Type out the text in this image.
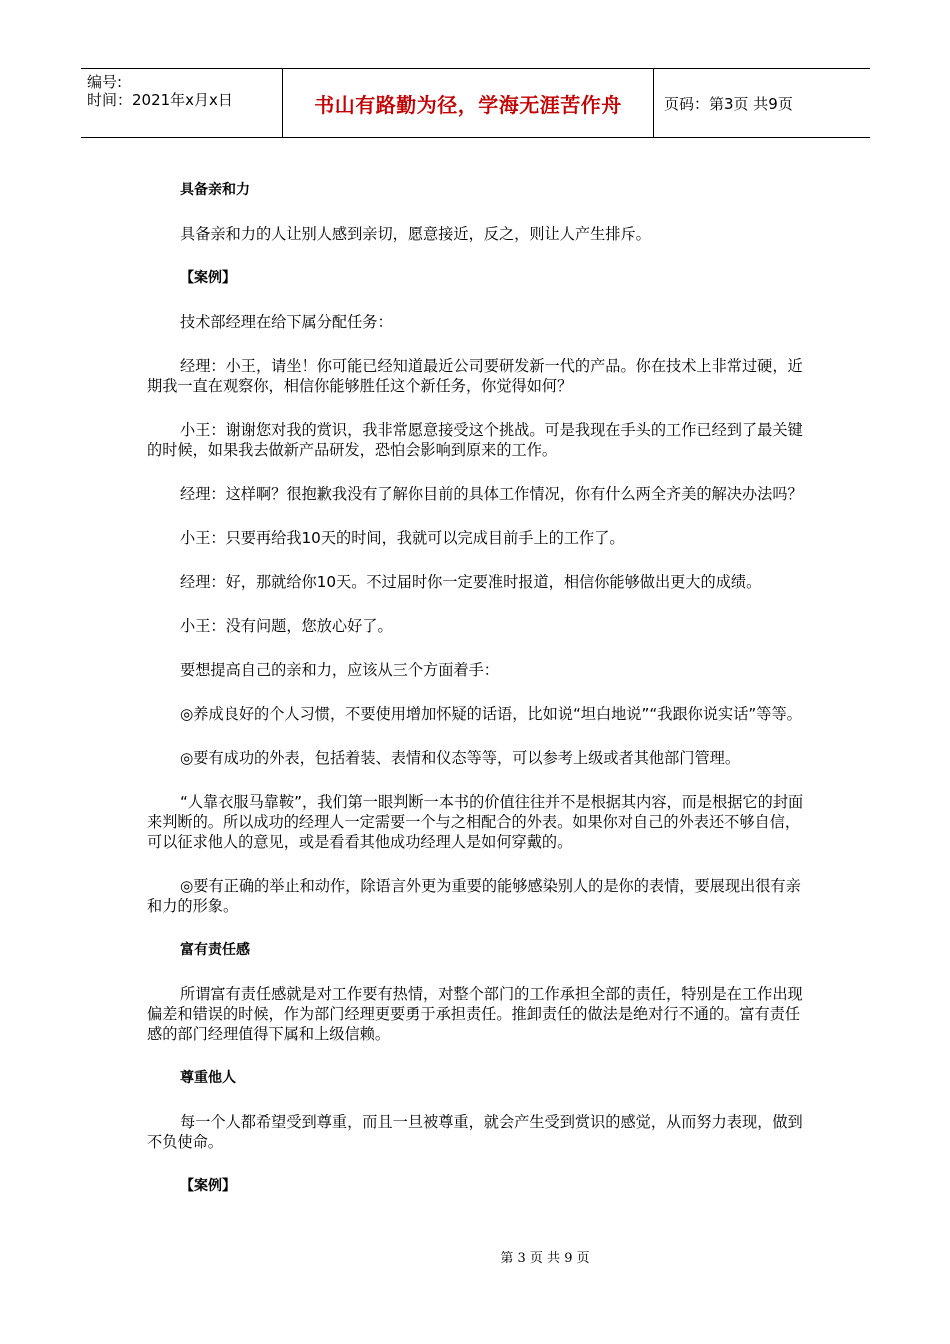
编号:
时间：2021年x月x日	书山有路勤为径，学海无涯苦作舟	页码：第3页 共9页
具备亲和力

具备亲和力的人让别人感到亲切，愿意接近，反之，则让人产生排斥。

【案例】

技术部经理在给下属分配任务：

经理：小王，请坐！你可能已经知道最近公司要研发新一代的产品。你在技术上非常过硬，近期我一直在观察你，相信你能够胜任这个新任务，你觉得如何？

小王：谢谢您对我的赏识，我非常愿意接受这个挑战。可是我现在手头的工作已经到了最关键的时候，如果我去做新产品研发，恐怕会影响到原来的工作。

经理：这样啊？很抱歉我没有了解你目前的具体工作情况，你有什么两全齐美的解决办法吗？

小王：只要再给我10天的时间，我就可以完成目前手上的工作了。

经理：好，那就给你10天。不过届时你一定要准时报道，相信你能够做出更大的成绩。

小王：没有问题，您放心好了。

要想提高自己的亲和力，应该从三个方面着手：

◎养成良好的个人习惯，不要使用增加怀疑的话语，比如说“坦白地说”“我跟你说实话”等等。

◎要有成功的外表，包括着装、表情和仪态等等，可以参考上级或者其他部门管理。

“人靠衣服马靠鞍”，我们第一眼判断一本书的价值往往并不是根据其内容，而是根据它的封面来判断的。所以成功的经理人一定需要一个与之相配合的外表。如果你对自己的外表还不够自信，可以征求他人的意见，或是看看其他成功经理人是如何穿戴的。

◎要有正确的举止和动作，除语言外更为重要的能够感染别人的是你的表情，要展现出很有亲和力的形象。

富有责任感

所谓富有责任感就是对工作要有热情，对整个部门的工作承担全部的责任，特别是在工作出现偏差和错误的时候，作为部门经理更要勇于承担责任。推卸责任的做法是绝对行不通的。富有责任感的部门经理值得下属和上级信赖。

尊重他人

每一个人都希望受到尊重，而且一旦被尊重，就会产生受到赏识的感觉，从而努力表现，做到不负使命。

【案例】
第 3 页 共 9 页
